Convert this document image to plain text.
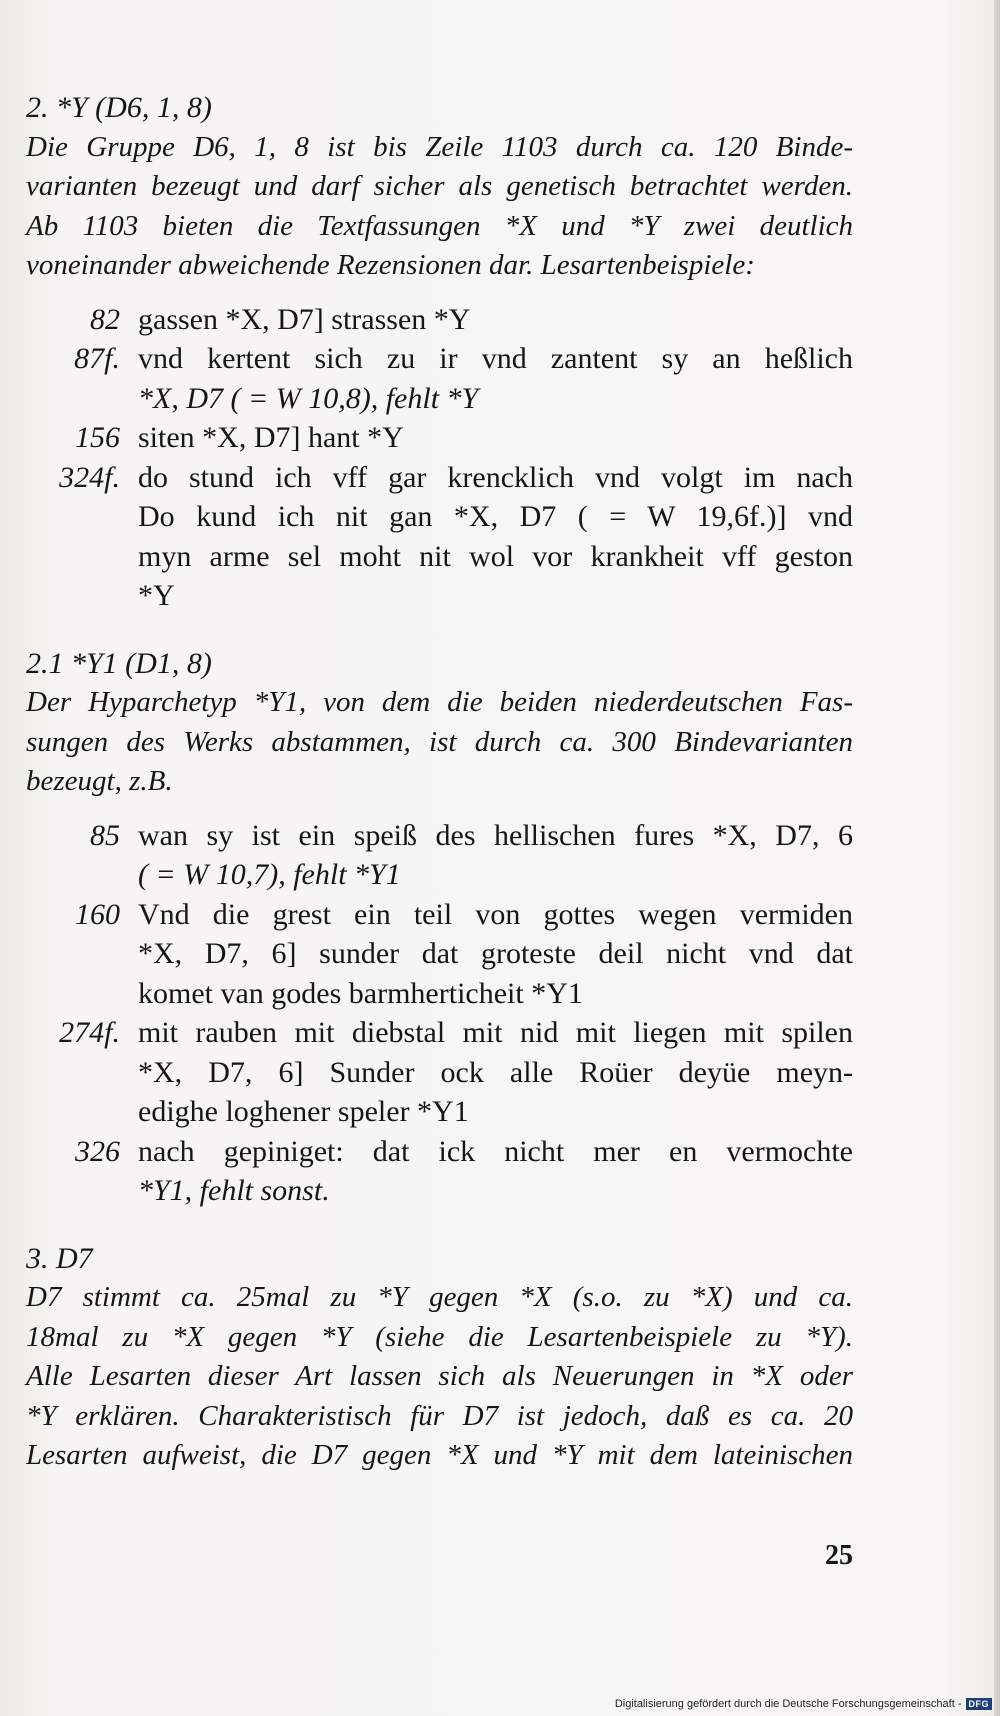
2. *Y (D6, 1, 8)

Die Gruppe D6, 1, 8 ist bis Zeile 1103 durch ca. 120 Binde-

varianten bezeugt und darf sicher als genetisch betrachtet werden.

Ab 1103 bieten die Textfassungen *X und *Y zwei deutlich

voneinander abweichende Rezensionen dar. Lesartenbeispiele:

82 gassen *X, D7] strassen *Y
87f. vnd kertent sich zu ir vnd zantent sy an heßlich
*X, D7 ( = W 10,8), fehlt *Y
156 siten *X, D7] hant *Y
324f. do stund ich vff gar krencklich vnd volgt im nach
Do kund ich nit gan *X, D7 ( = W 19,6f.)] vnd
myn arme sel moht nit wol vor krankheit vff geston
*Y

2.1 *Y1 (D1, 8)

Der Hyparchetyp *Y1, von dem die beiden niederdeutschen Fas-

sungen des Werks abstammen, ist durch ca. 300 Bindevarianten

bezeugt, z.B.

85 wan sy ist ein speiß des hellischen fures *X, D7, 6
( = W 10,7), fehlt *Y1
160 Vnd die grest ein teil von gottes wegen vermiden
*X, D7, 6] sunder dat groteste deil nicht vnd dat
komet van godes barmherticheit *Y1
274f. mit rauben mit diebstal mit nid mit liegen mit spilen
*X, D7, 6] Sunder ock alle Roüer deyüe meyn-
edighe loghener speler *Y1
326 nach gepiniget: dat ick nicht mer en vermochte
*Y1, fehlt sonst.

3. D7

D7 stimmt ca. 25mal zu *Y gegen *X (s.o. zu *X) und ca.

18mal zu *X gegen *Y (siehe die Lesartenbeispiele zu *Y).

Alle Lesarten dieser Art lassen sich als Neuerungen in *X oder

*Y erklären. Charakteristisch für D7 ist jedoch, daß es ca. 20

Lesarten aufweist, die D7 gegen *X und *Y mit dem lateinischen

25
Digitalisierung gefördert durch die Deutsche Forschungsgemeinschaft - DFG
